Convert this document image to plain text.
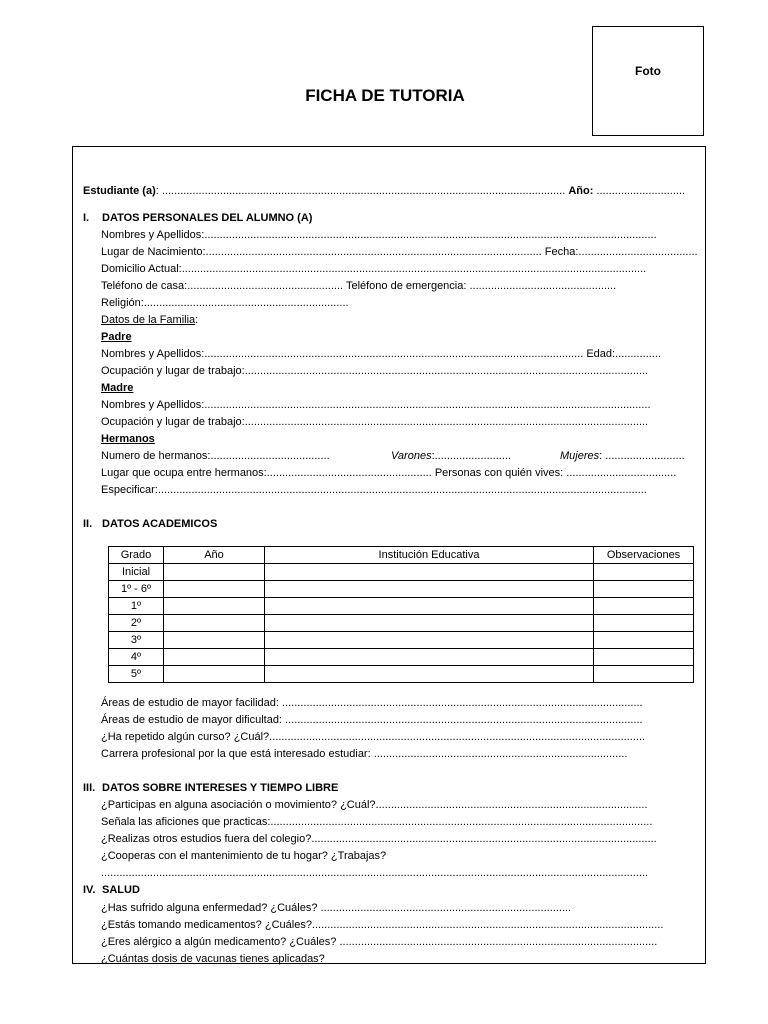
Foto
FICHA DE TUTORIA
Estudiante (a): .................................................................................................................................... Año: .............................
I. DATOS PERSONALES DEL ALUMNO (A)
Nombres y Apellidos:....................................................................................................................................................
Lugar de Nacimiento:.............................................................................................................. Fecha:.......................................
Domicilio Actual:........................................................................................................................................................
Teléfono de casa:................................................... Teléfono de emergencia: ................................................
Religión:...................................................................
Datos de la Familia:
Padre
Nombres y Apellidos:............................................................................................................................ Edad:...............
Ocupación y lugar de trabajo:....................................................................................................................................
Madre
Nombres y Apellidos:..................................................................................................................................................
Ocupación y lugar de trabajo:....................................................................................................................................
Hermanos
Numero de hermanos:.......................................	Varones:.........................	Mujeres: ..........................
Lugar que ocupa entre hermanos:...................................................... Personas con quién vives: ....................................
Especificar:................................................................................................................................................................
II. DATOS ACADEMICOS
Grado	Año	Institución Educativa	Observaciones
Inicial			
1º - 6º			
1º			
2º			
3º			
4º			
5º			
Áreas de estudio de mayor facilidad: ......................................................................................................................
Áreas de estudio de mayor dificultad: .....................................................................................................................
¿Ha repetido algún curso? ¿Cuál?...........................................................................................................................
Carrera profesional por la que está interesado estudiar: ...................................................................................
III. DATOS SOBRE INTERESES Y TIEMPO LIBRE
¿Participas en alguna asociación o movimiento? ¿Cuál?.........................................................................................
Señala las aficiones que practicas:.............................................................................................................................
¿Realizas otros estudios fuera del colegio?.................................................................................................................
¿Cooperas con el mantenimiento de tu hogar? ¿Trabajas?
...................................................................................................................................................................................
IV. SALUD
¿Has sufrido alguna enfermedad? ¿Cuáles? ..................................................................................
¿Estás tomando medicamentos? ¿Cuáles?...................................................................................................................
¿Eres alérgico a algún medicamento? ¿Cuáles? ........................................................................................................
¿Cuántas dosis de vacunas tienes aplicadas?
